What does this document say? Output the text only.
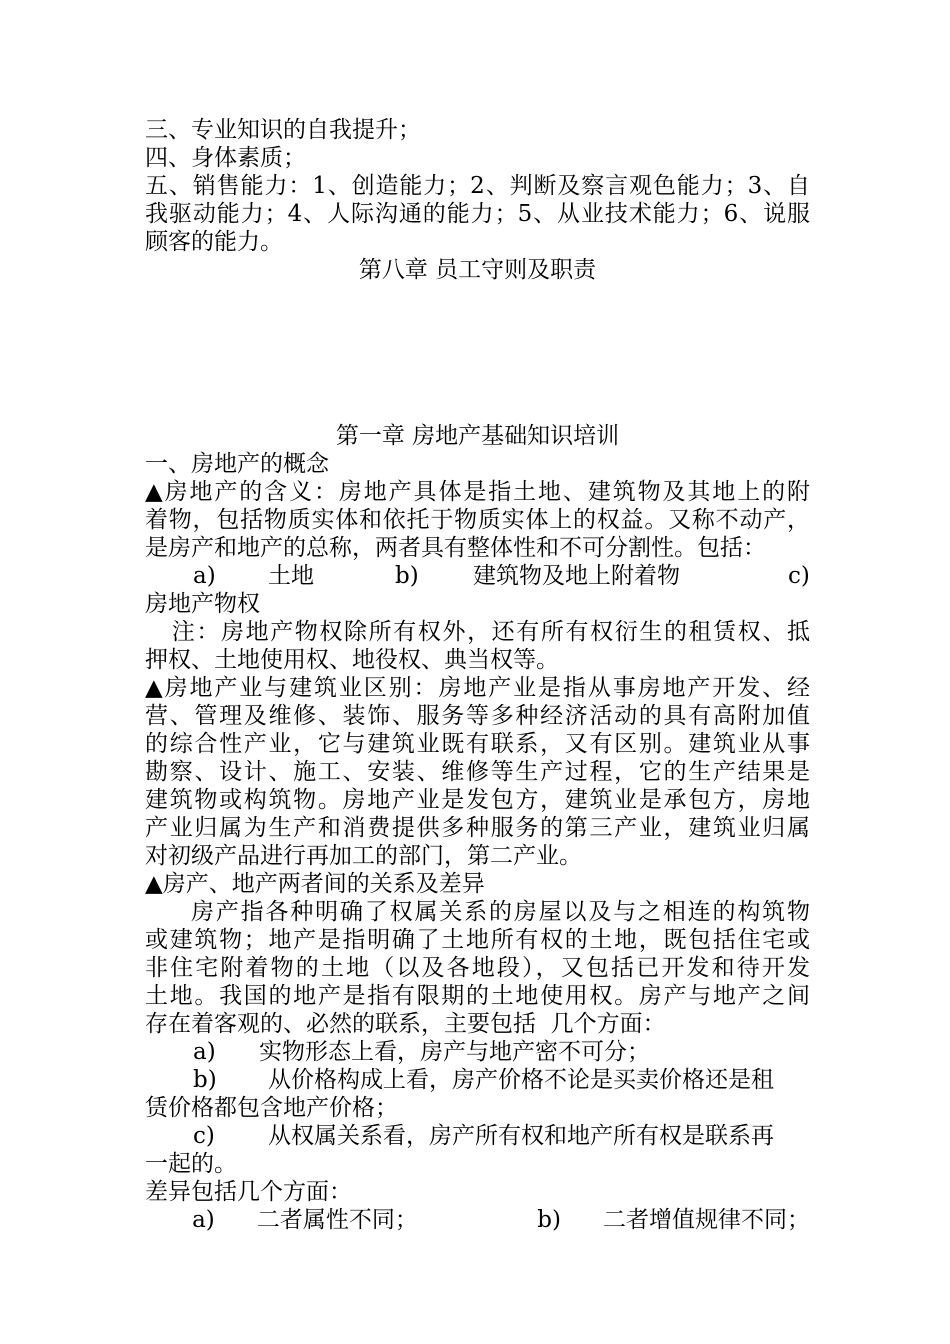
三、专业知识的自我提升；
四、身体素质；
五、销售能力：1、创造能力；2、判断及察言观色能力；3、自
我驱动能力；4、人际沟通的能力；5、从业技术能力；6、说服
顾客的能力。
第八章 员工守则及职责
第一章 房地产基础知识培训
一、房地产的概念
▲房地产的含义：房地产具体是指土地、建筑物及其地上的附
着物，包括物质实体和依托于物质实体上的权益。又称不动产，
是房产和地产的总称，两者具有整体性和不可分割性。包括：
a)	土地	b)	建筑物及地上附着物	c)
房地产物权
注：房地产物权除所有权外，还有所有权衍生的租赁权、抵
押权、土地使用权、地役权、典当权等。
▲房地产业与建筑业区别：房地产业是指从事房地产开发、经
营、管理及维修、装饰、服务等多种经济活动的具有高附加值
的综合性产业，它与建筑业既有联系，又有区别。建筑业从事
勘察、设计、施工、安装、维修等生产过程，它的生产结果是
建筑物或构筑物。房地产业是发包方，建筑业是承包方，房地
产业归属为生产和消费提供多种服务的第三产业，建筑业归属
对初级产品进行再加工的部门，第二产业。
▲房产、地产两者间的关系及差异
房产指各种明确了权属关系的房屋以及与之相连的构筑物
或建筑物；地产是指明确了土地所有权的土地，既包括住宅或
非住宅附着物的土地（以及各地段），又包括已开发和待开发
土地。我国的地产是指有限期的土地使用权。房产与地产之间
存在着客观的、必然的联系，主要包括  几个方面：
a)	实物形态上看，房产与地产密不可分；
b)	从价格构成上看，房产价格不论是买卖价格还是租
赁价格都包含地产价格；
c)	从权属关系看，房产所有权和地产所有权是联系再
一起的。
差异包括几个方面：
a)	二者属性不同；	b)	二者增值规律不同；
